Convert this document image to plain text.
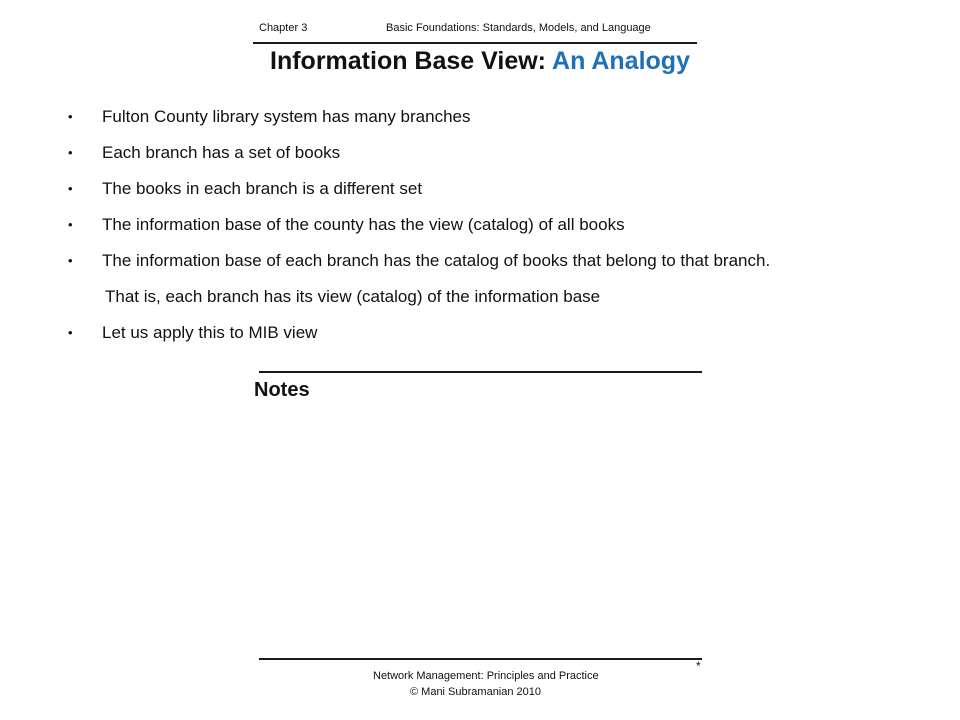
Chapter 3	Basic Foundations: Standards, Models, and Language
Information Base View: An Analogy
• Fulton County library system has many branches
• Each branch has a set of books
• The books in each branch is a different set
• The information base of the county has the view (catalog) of all books
• The information base of each branch has the catalog of books that belong to that branch.
That is, each branch has its view (catalog) of the information base
• Let us apply this to MIB view
Notes
Network Management: Principles and Practice
© Mani Subramanian 2010
*
